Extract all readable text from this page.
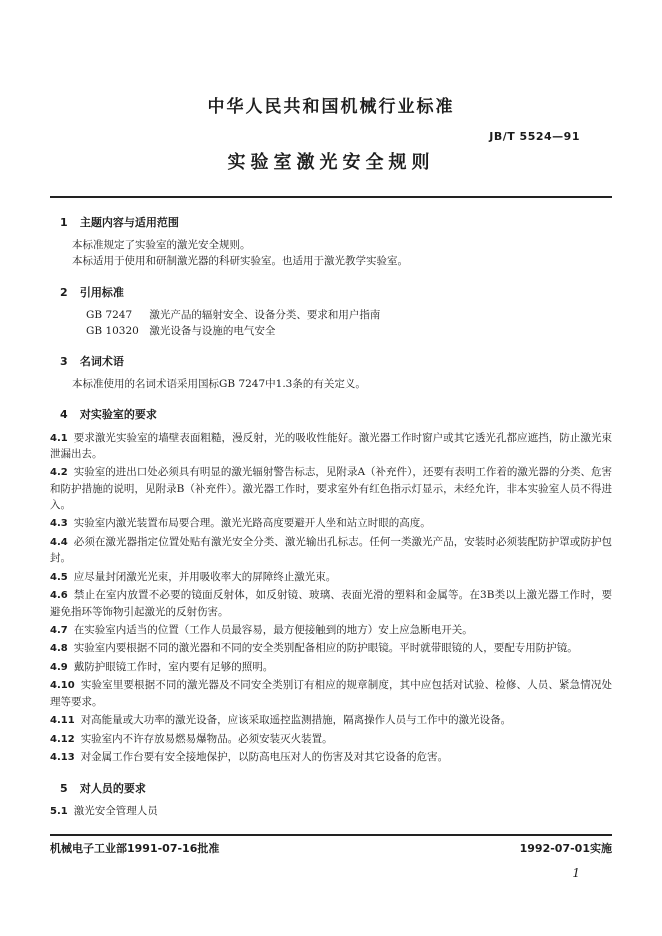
中华人民共和国机械行业标准
JB/T 5524—91
实验室激光安全规则
1 主题内容与适用范围

本标准规定了实验室的激光安全规则。

本标适用于使用和研制激光器的科研实验室。也适用于激光教学实验室。

2 引用标准

GB 7247 激光产品的辐射安全、设备分类、要求和用户指南

GB 10320 激光设备与设施的电气安全

3 名词术语

本标准使用的名词术语采用国标GB 7247中1.3条的有关定义。

4 对实验室的要求

4.1 要求激光实验室的墙壁表面粗糙，漫反射，光的吸收性能好。激光器工作时窗户或其它透光孔都应遮挡，防止激光束泄漏出去。

4.2 实验室的进出口处必须具有明显的激光辐射警告标志，见附录A（补充件），还要有表明工作着的激光器的分类、危害和防护措施的说明，见附录B（补充件）。激光器工作时，要求室外有红色指示灯显示，未经允许，非本实验室人员不得进入。

4.3 实验室内激光装置布局要合理。激光光路高度要避开人坐和站立时眼的高度。

4.4 必须在激光器指定位置处贴有激光安全分类、激光输出孔标志。任何一类激光产品，安装时必须装配防护罩或防护包封。

4.5 应尽量封闭激光光束，并用吸收率大的屏障终止激光束。

4.6 禁止在室内放置不必要的镜面反射体，如反射镜、玻璃、表面光滑的塑料和金属等。在3B类以上激光器工作时，要避免指环等饰物引起激光的反射伤害。

4.7 在实验室内适当的位置（工作人员最容易，最方便接触到的地方）安上应急断电开关。

4.8 实验室内要根据不同的激光器和不同的安全类别配备相应的防护眼镜。平时就带眼镜的人，要配专用防护镜。

4.9 戴防护眼镜工作时，室内要有足够的照明。

4.10 实验室里要根据不同的激光器及不同安全类别订有相应的规章制度，其中应包括对试验、检修、人员、紧急情况处理等要求。

4.11 对高能量或大功率的激光设备，应该采取遥控监测措施，隔离操作人员与工作中的激光设备。

4.12 实验室内不许存放易燃易爆物品。必须安装灭火装置。

4.13 对金属工作台要有安全接地保护，以防高电压对人的伤害及对其它设备的危害。

5 对人员的要求

5.1 激光安全管理人员

机械电子工业部1991-07-16批准	1992-07-01实施
1
